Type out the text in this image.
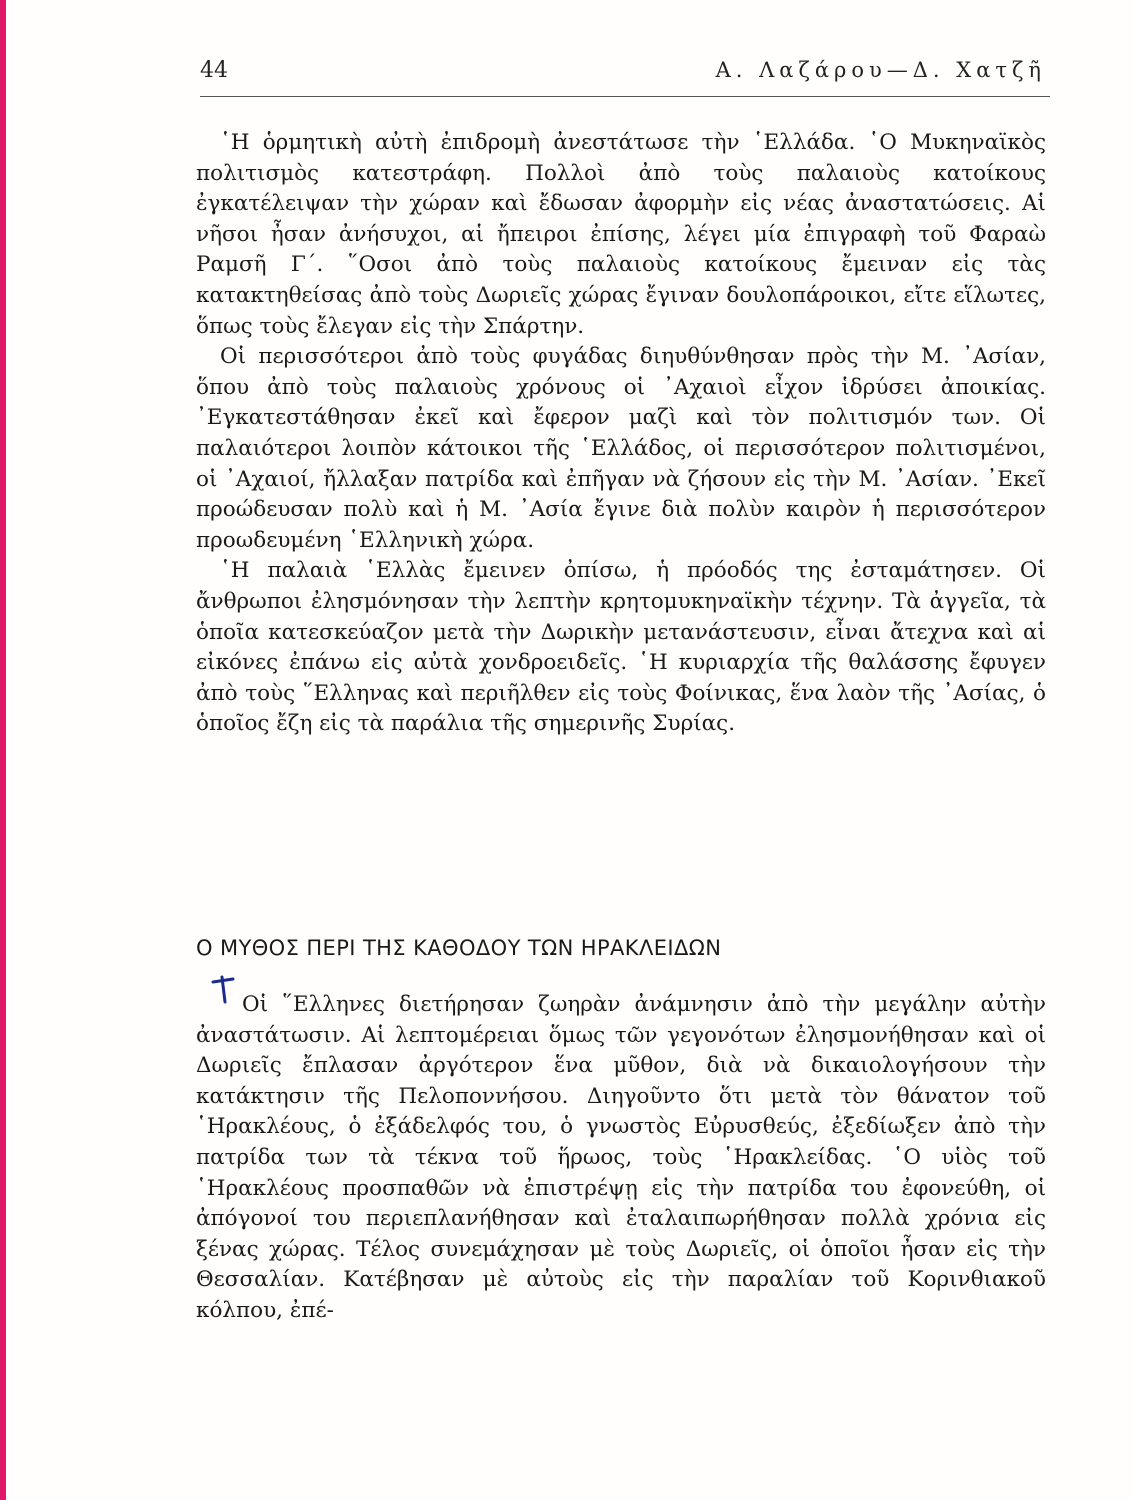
44	Α. Λαζάρου—Δ. Χατζῆ

῾Η ὁρμητικὴ αὐτὴ ἐπιδρομὴ ἀνεστάτωσε τὴν ῾Ελλάδα. ῾Ο Μυκηναϊκὸς πολιτισμὸς κατεστράφη. Πολλοὶ ἀπὸ τοὺς παλαιοὺς κατοίκους ἐγκατέλειψαν τὴν χώραν καὶ ἔδωσαν ἀφορμὴν εἰς νέας ἀναστατώσεις. Αἱ νῆσοι ἦσαν ἀνήσυχοι, αἱ ἤπειροι ἐπίσης, λέγει μία ἐπιγραφὴ τοῦ Φαραὼ Ραμσῆ Γ΄. ῞Οσοι ἀπὸ τοὺς παλαιοὺς κατοίκους ἔμειναν εἰς τὰς κατακτηθείσας ἀπὸ τοὺς Δωριεῖς χώρας ἔγιναν δουλοπάροικοι, εἴτε εἵλωτες, ὅπως τοὺς ἔλεγαν εἰς τὴν Σπάρτην.

Οἱ περισσότεροι ἀπὸ τοὺς φυγάδας διηυθύνθησαν πρὸς τὴν Μ. ᾿Ασίαν, ὅπου ἀπὸ τοὺς παλαιοὺς χρόνους οἱ ᾿Αχαιοὶ εἶχον ἱδρύσει ἀποικίας. ᾿Εγκατεστάθησαν ἐκεῖ καὶ ἔφερον μαζὶ καὶ τὸν πολιτισμόν των. Οἱ παλαιότεροι λοιπὸν κάτοικοι τῆς ῾Ελλάδος, οἱ περισσότερον πολιτισμένοι, οἱ ᾿Αχαιοί, ἤλλαξαν πατρίδα καὶ ἐπῆγαν νὰ ζήσουν εἰς τὴν Μ. ᾿Ασίαν. ᾿Εκεῖ προώδευσαν πολὺ καὶ ἡ Μ. ᾿Ασία ἔγινε διὰ πολὺν καιρὸν ἡ περισσότερον προωδευμένη ῾Ελληνικὴ χώρα.

῾Η παλαιὰ ῾Ελλὰς ἔμεινεν ὀπίσω, ἡ πρόοδός της ἐσταμάτησεν. Οἱ ἄνθρωποι ἐλησμόνησαν τὴν λεπτὴν κρητομυκηναϊκὴν τέχνην. Τὰ ἀγγεῖα, τὰ ὁποῖα κατεσκεύαζον μετὰ τὴν Δωρικὴν μετανάστευσιν, εἶναι ἄτεχνα καὶ αἱ εἰκόνες ἐπάνω εἰς αὐτὰ χονδροειδεῖς. ῾Η κυριαρχία τῆς θαλάσσης ἔφυγεν ἀπὸ τοὺς ῞Ελληνας καὶ περιῆλθεν εἰς τοὺς Φοίνικας, ἕνα λαὸν τῆς ᾿Ασίας, ὁ ὁποῖος ἔζη εἰς τὰ παράλια τῆς σημερινῆς Συρίας.

Ο ΜΥΘΟΣ ΠΕΡΙ ΤΗΣ ΚΑΘΟΔΟΥ ΤΩΝ ΗΡΑΚΛΕΙΔΩΝ

Οἱ ῞Ελληνες διετήρησαν ζωηρὰν ἀνάμνησιν ἀπὸ τὴν μεγάλην αὐτὴν ἀναστάτωσιν. Αἱ λεπτομέρειαι ὅμως τῶν γεγονότων ἐλησμονήθησαν καὶ οἱ Δωριεῖς ἔπλασαν ἀργότερον ἕνα μῦθον, διὰ νὰ δικαιολογήσουν τὴν κατάκτησιν τῆς Πελοποννήσου. Διηγοῦντο ὅτι μετὰ τὸν θάνατον τοῦ ῾Ηρακλέους, ὁ ἐξάδελφός του, ὁ γνωστὸς Εὐρυσθεύς, ἐξεδίωξεν ἀπὸ τὴν πατρίδα των τὰ τέκνα τοῦ ἥρωος, τοὺς ῾Ηρακλείδας. ῾Ο υἱὸς τοῦ ῾Ηρακλέους προσπαθῶν νὰ ἐπιστρέψῃ εἰς τὴν πατρίδα του ἐφονεύθη, οἱ ἀπόγονοί του περιεπλανήθησαν καὶ ἐταλαιπωρήθησαν πολλὰ χρόνια εἰς ξένας χώρας. Τέλος συνεμάχησαν μὲ τοὺς Δωριεῖς, οἱ ὁποῖοι ἦσαν εἰς τὴν Θεσσαλίαν. Κατέβησαν μὲ αὐτοὺς εἰς τὴν παραλίαν τοῦ Κορινθιακοῦ κόλπου, ἐπέ-
